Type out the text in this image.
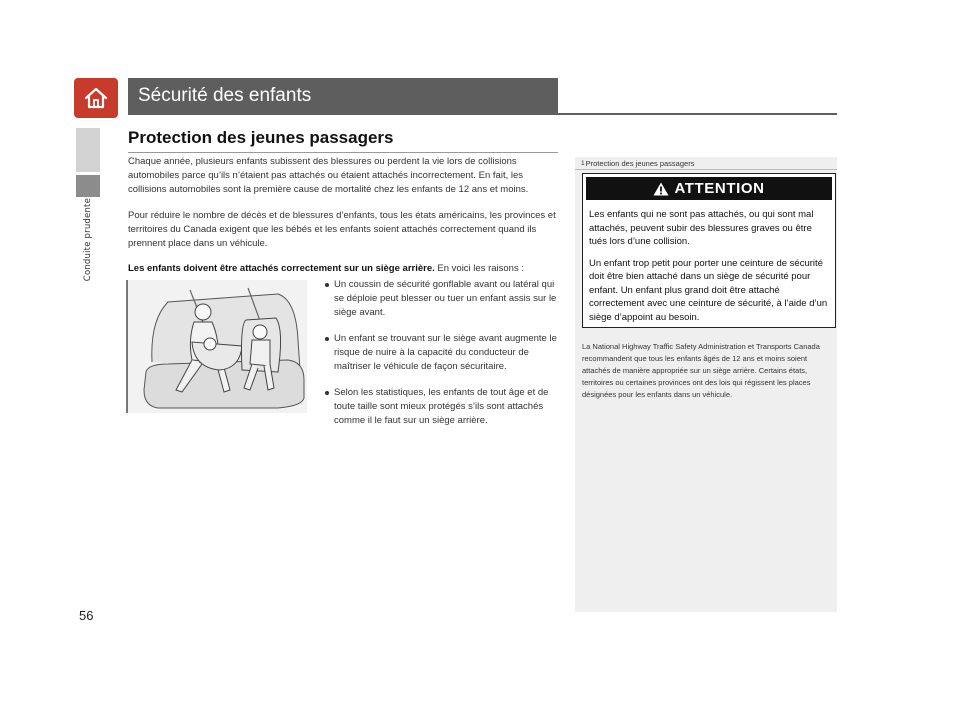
Conduite prudente
56
Sécurité des enfants
Protection des jeunes passagers

Chaque année, plusieurs enfants subissent des blessures ou perdent la vie lors de collisions automobiles parce qu’ils n’étaient pas attachés ou étaient attachés incorrectement. En fait, les collisions automobiles sont la première cause de mortalité chez les enfants de 12 ans et moins.

Pour réduire le nombre de décès et de blessures d’enfants, tous les états américains, les provinces et territoires du Canada exigent que les bébés et les enfants soient attachés correctement quand ils prennent place dans un véhicule.

Les enfants doivent être attachés correctement sur un siège arrière. En voici les raisons :

Un coussin de sécurité gonflable avant ou latéral qui se déploie peut blesser ou tuer un enfant assis sur le siège avant.
Un enfant se trouvant sur le siège avant augmente le risque de nuire à la capacité du conducteur de maîtriser le véhicule de façon sécuritaire.
Selon les statistiques, les enfants de tout âge et de toute taille sont mieux protégés s’ils sont attachés comme il le faut sur un siège arrière.
1 Protection des jeunes passagers
ATTENTION

Les enfants qui ne sont pas attachés, ou qui sont mal attachés, peuvent subir des blessures graves ou être tués lors d’une collision.

Un enfant trop petit pour porter une ceinture de sécurité doit être bien attaché dans un siège de sécurité pour enfant. Un enfant plus grand doit être attaché correctement avec une ceinture de sécurité, à l’aide d’un siège d’appoint au besoin.

La National Highway Traffic Safety Administration et Transports Canada recommandent que tous les enfants âgés de 12 ans et moins soient attachés de manière appropriée sur un siège arrière. Certains états, territoires ou certaines provinces ont des lois qui régissent les places désignées pour les enfants dans un véhicule.
